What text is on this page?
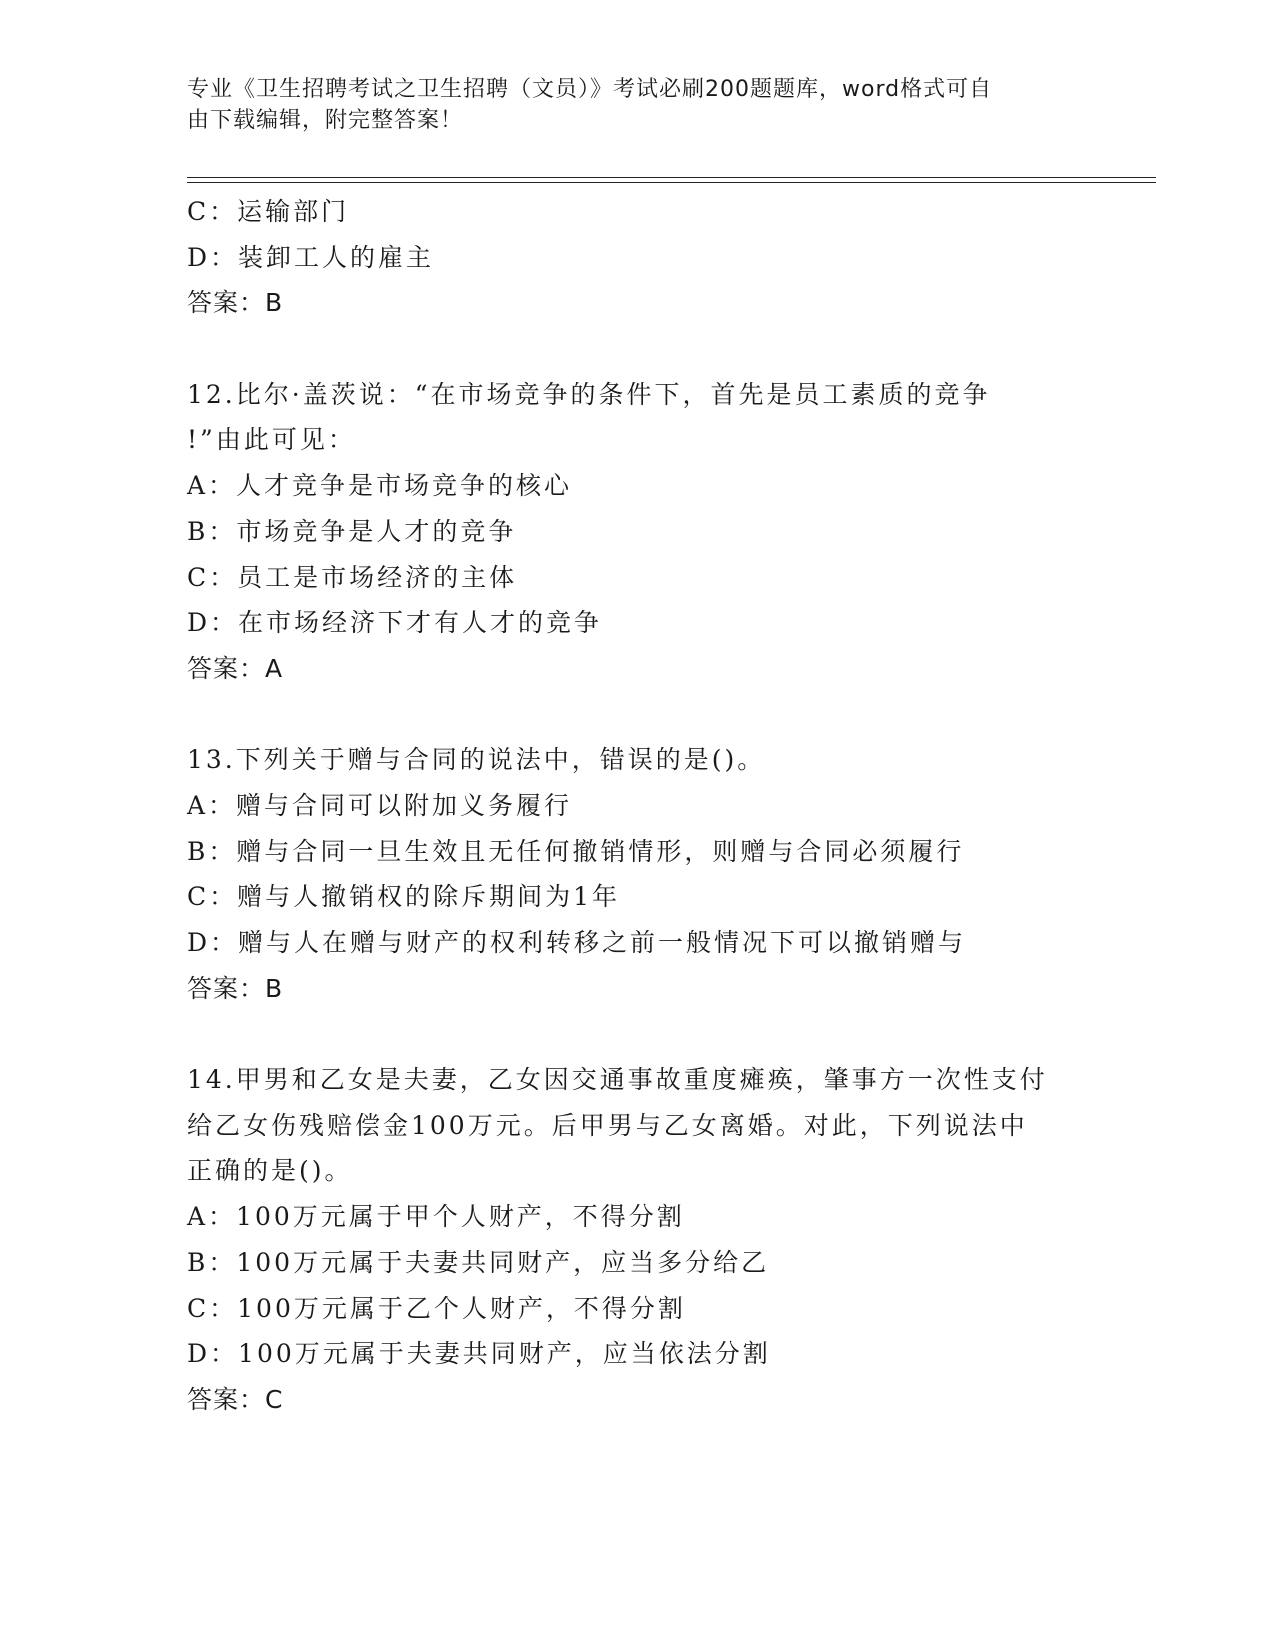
专业《卫生招聘考试之卫生招聘（文员）》考试必刷200题题库，word格式可自
由下载编辑，附完整答案！
C：运输部门
D：装卸工人的雇主
答案：B
12.比尔·盖茨说：“在市场竞争的条件下，首先是员工素质的竞争
!”由此可见：
A：人才竞争是市场竞争的核心
B：市场竞争是人才的竞争
C：员工是市场经济的主体
D：在市场经济下才有人才的竞争
答案：A
13.下列关于赠与合同的说法中，错误的是()。
A：赠与合同可以附加义务履行
B：赠与合同一旦生效且无任何撤销情形，则赠与合同必须履行
C：赠与人撤销权的除斥期间为1年
D：赠与人在赠与财产的权利转移之前一般情况下可以撤销赠与
答案：B
14.甲男和乙女是夫妻，乙女因交通事故重度瘫痪，肇事方一次性支付
给乙女伤残赔偿金100万元。后甲男与乙女离婚。对此，下列说法中
正确的是()。
A：100万元属于甲个人财产，不得分割
B：100万元属于夫妻共同财产，应当多分给乙
C：100万元属于乙个人财产，不得分割
D：100万元属于夫妻共同财产，应当依法分割
答案：C
